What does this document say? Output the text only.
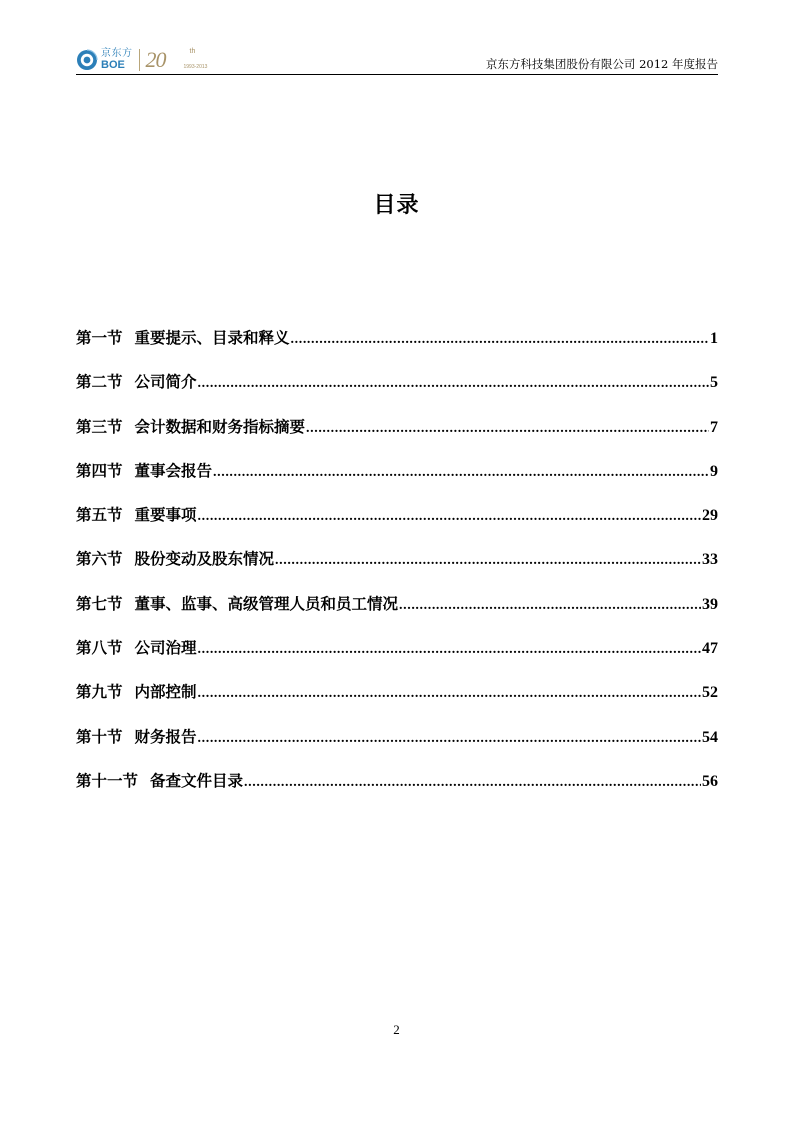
京东方
BOE 20	th
1993-2013	京东方科技集团股份有限公司 2012 年度报告
目录
第一节 重要提示、目录和释义 .....	1
第二节 公司简介 .....	5
第三节 会计数据和财务指标摘要 .....	7
第四节 董事会报告 .....	9
第五节 重要事项 .....	29
第六节 股份变动及股东情况 .....	33
第七节 董事、监事、高级管理人员和员工情况 .....	39
第八节 公司治理 .....	47
第九节 内部控制 .....	52
第十节 财务报告 .....	54
第十一节 备查文件目录 .....	56
2
